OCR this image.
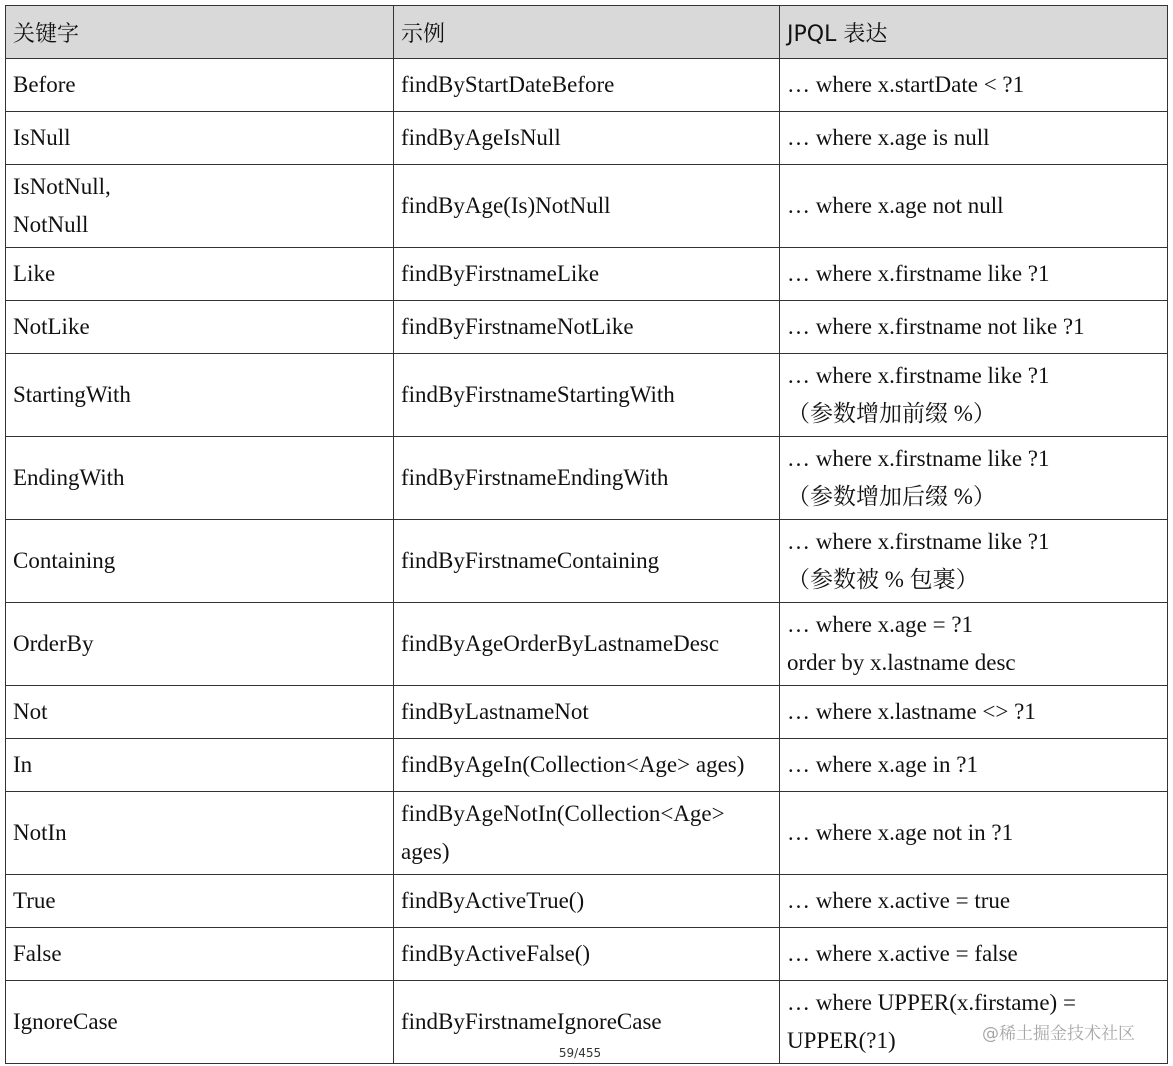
关键字	示例	JPQL 表达

Before	findByStartDateBefore	… where x.startDate < ?1

IsNull	findByAgeIsNull	… where x.age is null

IsNotNull,
NotNull	findByAge(Is)NotNull	… where x.age not null

Like	findByFirstnameLike	… where x.firstname like ?1

NotLike	findByFirstnameNotLike	… where x.firstname not like ?1

StartingWith	findByFirstnameStartingWith	… where x.firstname like ?1
（参数增加前缀 %）

EndingWith	findByFirstnameEndingWith	… where x.firstname like ?1
（参数增加后缀 %）

Containing	findByFirstnameContaining	… where x.firstname like ?1
（参数被 % 包裹）

OrderBy	findByAgeOrderByLastnameDesc	… where x.age = ?1
order by x.lastname desc

Not	findByLastnameNot	… where x.lastname <> ?1

In	findByAgeIn(Collection<Age> ages)	… where x.age in ?1

NotIn	findByAgeNotIn(Collection<Age>
ages)	… where x.age not in ?1

True	findByActiveTrue()	… where x.active = true

False	findByActiveFalse()	… where x.active = false

IgnoreCase	findByFirstnameIgnoreCase	… where UPPER(x.firstame) =
UPPER(?1)
59/455
@稀土掘金技术社区
